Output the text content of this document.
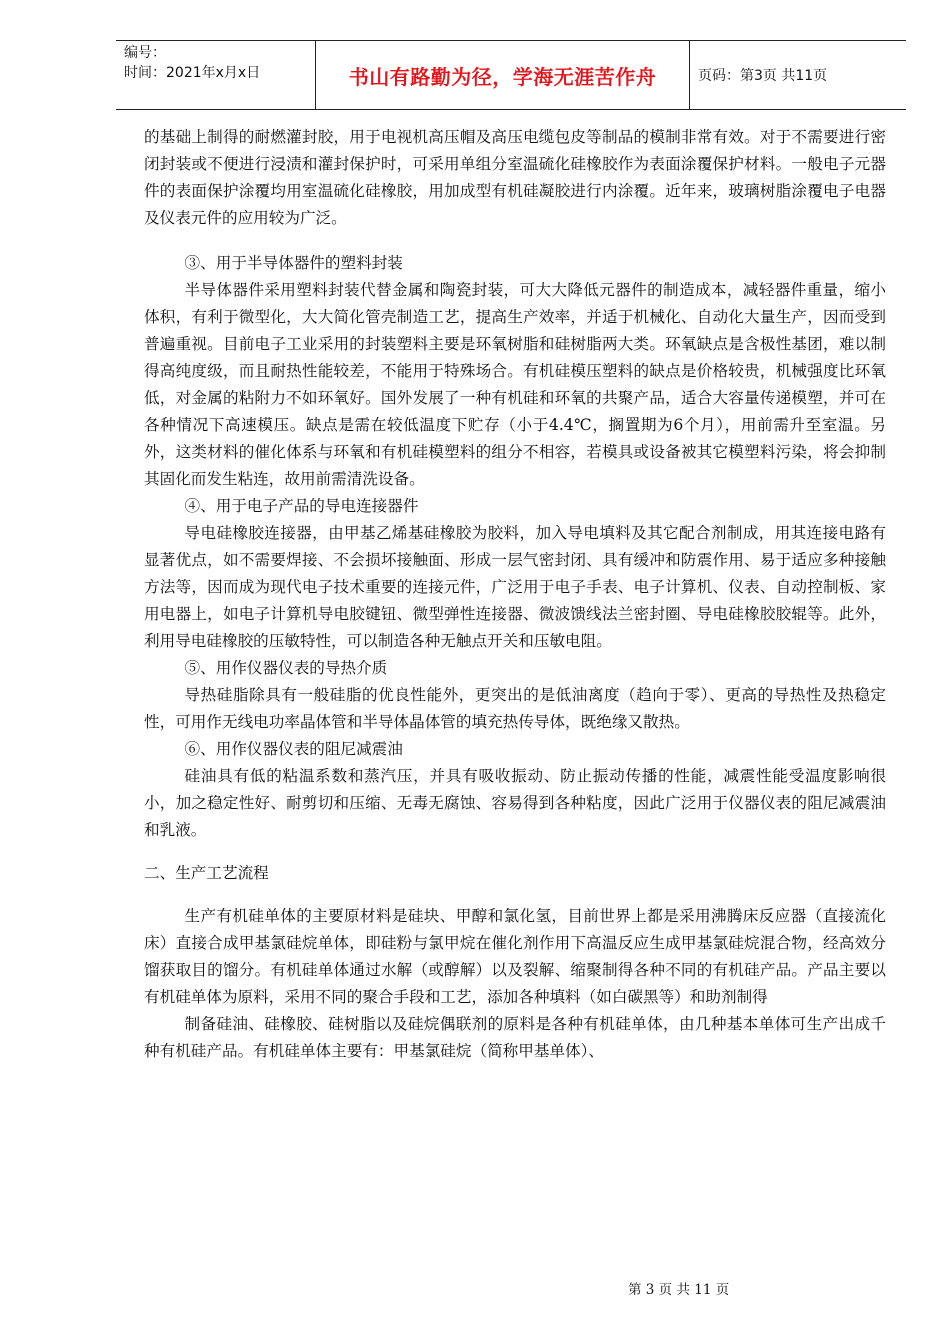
编号：
时间：2021年x月x日	书山有路勤为径，学海无涯苦作舟	页码：第3页 共11页

的基础上制得的耐燃灌封胶，用于电视机高压帽及高压电缆包皮等制品的模制非常有效。对于不需要进行密闭封装或不便进行浸渍和灌封保护时，可采用单组分室温硫化硅橡胶作为表面涂覆保护材料。一般电子元器件的表面保护涂覆均用室温硫化硅橡胶，用加成型有机硅凝胶进行内涂覆。近年来，玻璃树脂涂覆电子电器及仪表元件的应用较为广泛。

③、用于半导体器件的塑料封装

半导体器件采用塑料封装代替金属和陶瓷封装，可大大降低元器件的制造成本，减轻器件重量，缩小体积，有利于微型化，大大简化管壳制造工艺，提高生产效率，并适于机械化、自动化大量生产，因而受到普遍重视。目前电子工业采用的封装塑料主要是环氧树脂和硅树脂两大类。环氧缺点是含极性基团，难以制得高纯度级，而且耐热性能较差，不能用于特殊场合。有机硅模压塑料的缺点是价格较贵，机械强度比环氧低，对金属的粘附力不如环氧好。国外发展了一种有机硅和环氧的共聚产品，适合大容量传递模塑，并可在各种情况下高速模压。缺点是需在较低温度下贮存（小于4.4℃，搁置期为6个月），用前需升至室温。另外，这类材料的催化体系与环氧和有机硅模塑料的组分不相容，若模具或设备被其它模塑料污染，将会抑制其固化而发生粘连，故用前需清洗设备。

④、用于电子产品的导电连接器件

导电硅橡胶连接器，由甲基乙烯基硅橡胶为胶料，加入导电填料及其它配合剂制成，用其连接电路有显著优点，如不需要焊接、不会损坏接触面、形成一层气密封闭、具有缓冲和防震作用、易于适应多种接触方法等，因而成为现代电子技术重要的连接元件，广泛用于电子手表、电子计算机、仪表、自动控制板、家用电器上，如电子计算机导电胶键钮、微型弹性连接器、微波馈线法兰密封圈、导电硅橡胶胶辊等。此外，利用导电硅橡胶的压敏特性，可以制造各种无触点开关和压敏电阻。

⑤、用作仪器仪表的导热介质

导热硅脂除具有一般硅脂的优良性能外，更突出的是低油离度（趋向于零）、更高的导热性及热稳定性，可用作无线电功率晶体管和半导体晶体管的填充热传导体，既绝缘又散热。

⑥、用作仪器仪表的阻尼减震油

硅油具有低的粘温系数和蒸汽压，并具有吸收振动、防止振动传播的性能，减震性能受温度影响很小，加之稳定性好、耐剪切和压缩、无毒无腐蚀、容易得到各种粘度，因此广泛用于仪器仪表的阻尼减震油和乳液。

二、生产工艺流程

生产有机硅单体的主要原材料是硅块、甲醇和氯化氢，目前世界上都是采用沸腾床反应器（直接流化床）直接合成甲基氯硅烷单体，即硅粉与氯甲烷在催化剂作用下高温反应生成甲基氯硅烷混合物，经高效分馏获取目的馏分。有机硅单体通过水解（或醇解）以及裂解、缩聚制得各种不同的有机硅产品。产品主要以有机硅单体为原料，采用不同的聚合手段和工艺，添加各种填料（如白碳黑等）和助剂制得

制备硅油、硅橡胶、硅树脂以及硅烷偶联剂的原料是各种有机硅单体，由几种基本单体可生产出成千种有机硅产品。有机硅单体主要有：甲基氯硅烷（简称甲基单体）、

第 3 页 共 11 页
